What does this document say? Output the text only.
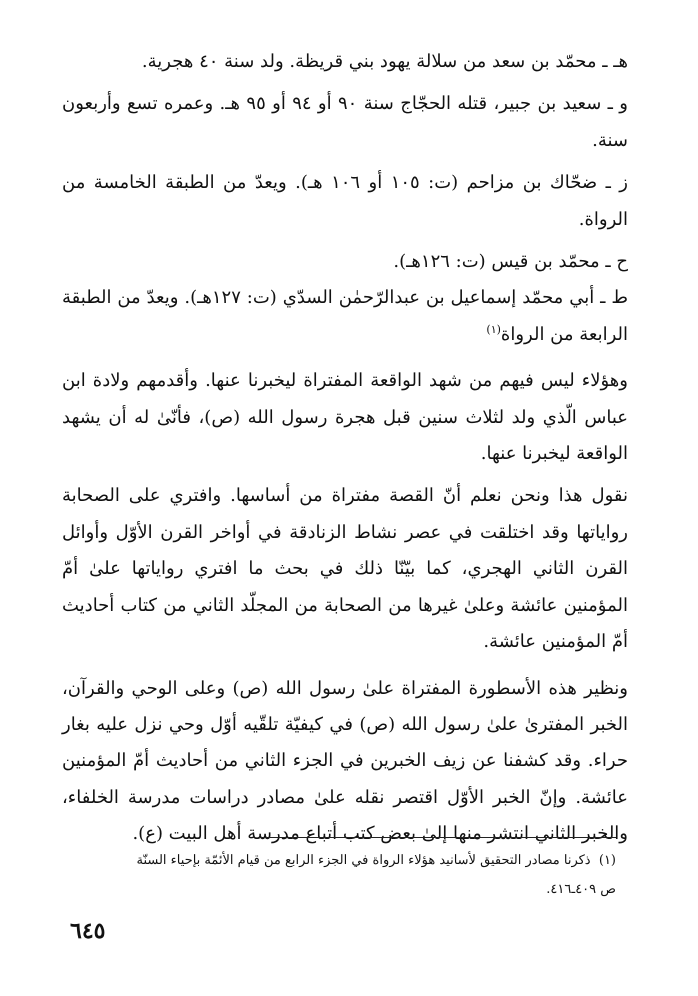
هـ ـ محمّد بن سعد من سلالة يهود بني قريظة. ولد سنة ٤٠ هجرية.

و ـ سعيد بن جبير، قتله الحجّاج سنة ٩٠ أو ٩٤ أو ٩٥ هـ. وعمره تسع وأربعون سنة.

ز ـ ضحّاك بن مزاحم (ت: ١٠٥ أو ١٠٦ هـ). ويعدّ من الطبقة الخامسة من الرواة.

ح ـ محمّد بن قيس (ت: ١٢٦هـ).

ط ـ أبي محمّد إسماعيل بن عبدالرّحمٰن السدّي (ت: ١٢٧هـ). ويعدّ من الطبقة الرابعة من الرواة$^{(١)}$

وهؤلاء ليس فيهم من شهد الواقعة المفتراة ليخبرنا عنها. وأقدمهم ولادة ابن عباس الّذي ولد لثلاث سنين قبل هجرة رسول الله (ص)، فأنّىٰ له أن يشهد الواقعة ليخبرنا عنها.

نقول هذا ونحن نعلم أنّ القصة مفتراة من أساسها. وافتري على الصحابة رواياتها وقد اختلقت في عصر نشاط الزنادقة في أواخر القرن الأوّل وأوائل القرن الثاني الهجري، كما بيّنّا ذلك في بحث ما افتري رواياتها علىٰ أمّ المؤمنين عائشة وعلىٰ غيرها من الصحابة من المجلّد الثاني من كتاب أحاديث أمّ المؤمنين عائشة.

ونظير هذه الأسطورة المفتراة علىٰ رسول الله (ص) وعلى الوحي والقرآن، الخبر المفترىٰ علىٰ رسول الله (ص) في كيفيّة تلقّيه أوّل وحي نزل عليه بغار حراء. وقد كشفنا عن زيف الخبرين في الجزء الثاني من أحاديث أمّ المؤمنين عائشة. وإنّ الخبر الأوّل اقتصر نقله علىٰ مصادر دراسات مدرسة الخلفاء، والخبر الثاني انتشر منها إلىٰ بعض كتب أتباع مدرسة أهل البيت (ع).

(١)  ذكرنا مصادر التحقيق لأسانيد هؤلاء الرواة في الجزء الرابع من قيام الأئمّة بإحياء السنّة

ص ٤٠٩ـ٤١٦.

٦٤٥
